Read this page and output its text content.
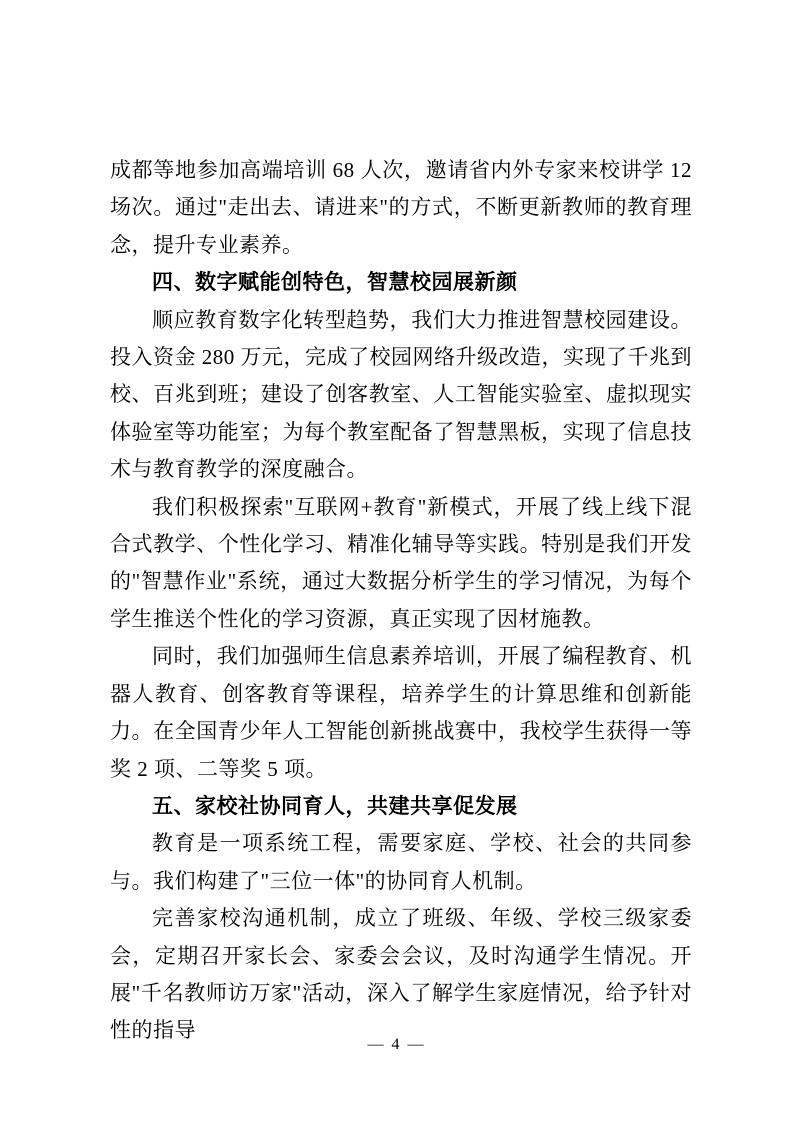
成都等地参加高端培训 68 人次，邀请省内外专家来校讲学 12 场次。通过"走出去、请进来"的方式，不断更新教师的教育理念，提升专业素养。

四、数字赋能创特色，智慧校园展新颜

顺应教育数字化转型趋势，我们大力推进智慧校园建设。投入资金 280 万元，完成了校园网络升级改造，实现了千兆到校、百兆到班；建设了创客教室、人工智能实验室、虚拟现实体验室等功能室；为每个教室配备了智慧黑板，实现了信息技术与教育教学的深度融合。

我们积极探索"互联网+教育"新模式，开展了线上线下混合式教学、个性化学习、精准化辅导等实践。特别是我们开发的"智慧作业"系统，通过大数据分析学生的学习情况，为每个学生推送个性化的学习资源，真正实现了因材施教。

同时，我们加强师生信息素养培训，开展了编程教育、机器人教育、创客教育等课程，培养学生的计算思维和创新能力。在全国青少年人工智能创新挑战赛中，我校学生获得一等奖 2 项、二等奖 5 项。

五、家校社协同育人，共建共享促发展

教育是一项系统工程，需要家庭、学校、社会的共同参与。我们构建了"三位一体"的协同育人机制。

完善家校沟通机制，成立了班级、年级、学校三级家委会，定期召开家长会、家委会会议，及时沟通学生情况。开展"千名教师访万家"活动，深入了解学生家庭情况，给予针对性的指导

— 4 —
